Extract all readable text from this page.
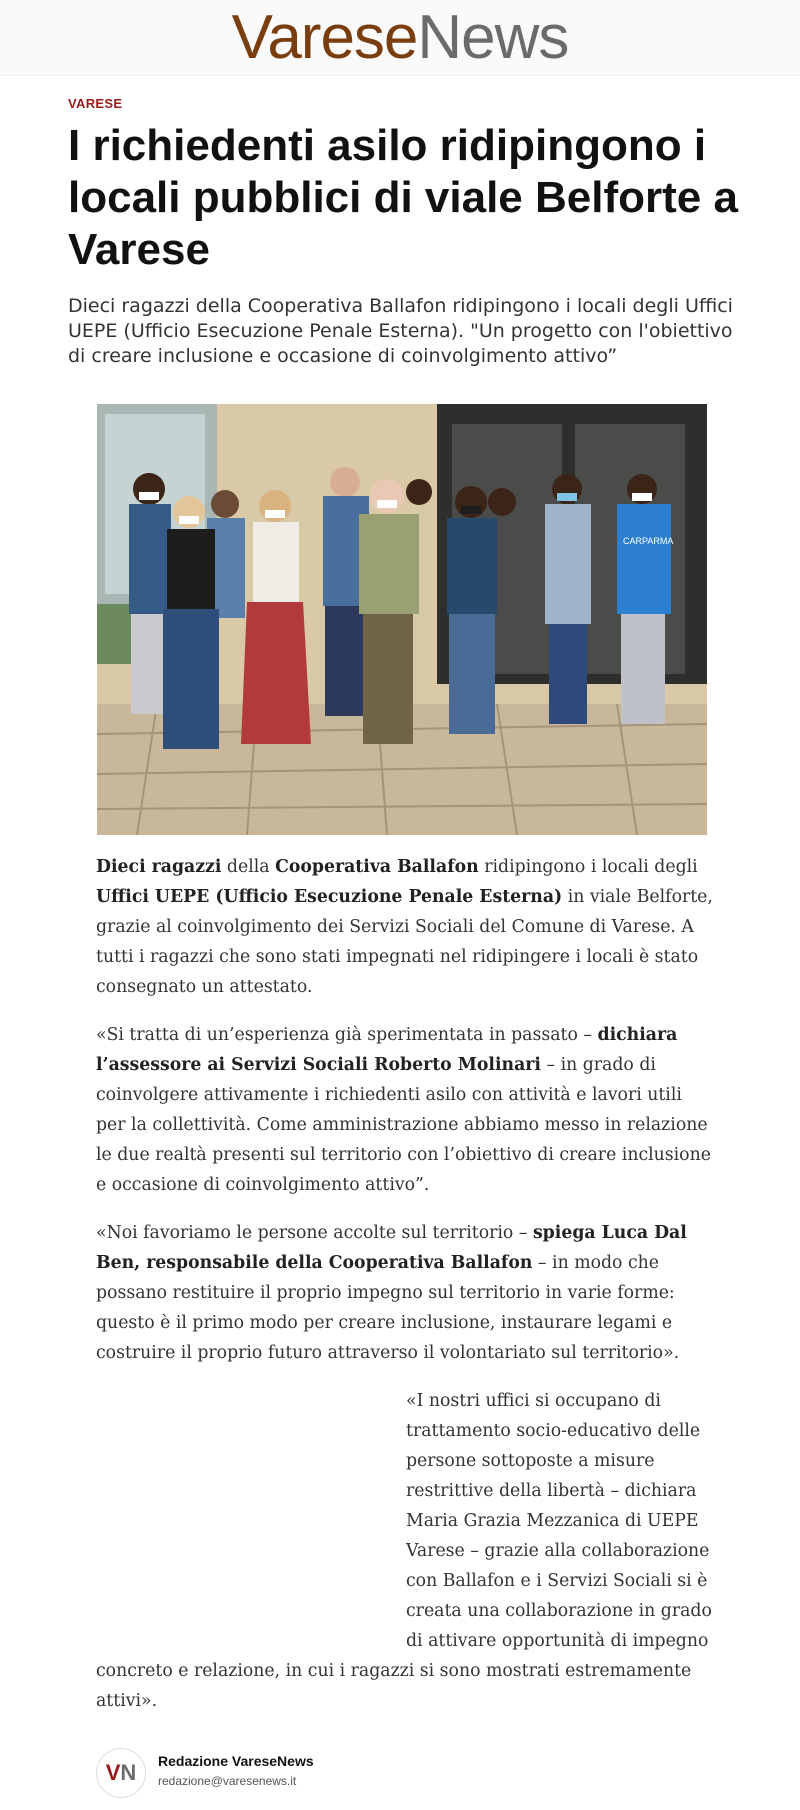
VareseNews
VARESE
I richiedenti asilo ridipingono i locali pubblici di viale Belforte a Varese

Dieci ragazzi della Cooperativa Ballafon ridipingono i locali degli Uffici UEPE (Ufficio Esecuzione Penale Esterna). "Un progetto con l'obiettivo di creare inclusione e occasione di coinvolgimento attivo”

CARPARMA

Dieci ragazzi della Cooperativa Ballafon ridipingono i locali degli Uffici UEPE (Ufficio Esecuzione Penale Esterna) in viale Belforte, grazie al coinvolgimento dei Servizi Sociali del Comune di Varese. A tutti i ragazzi che sono stati impegnati nel ridipingere i locali è stato consegnato un attestato.

«Si tratta di un’esperienza già sperimentata in passato – dichiara l’assessore ai Servizi Sociali Roberto Molinari – in grado di coinvolgere attivamente i richiedenti asilo con attività e lavori utili per la collettività. Come amministrazione abbiamo messo in relazione le due realtà presenti sul territorio con l’obiettivo di creare inclusione e occasione di coinvolgimento attivo”.

«Noi favoriamo le persone accolte sul territorio – spiega Luca Dal Ben, responsabile della Cooperativa Ballafon – in modo che possano restituire il proprio impegno sul territorio in varie forme: questo è il primo modo per creare inclusione, instaurare legami e costruire il proprio futuro attraverso il volontariato sul territorio».

«I nostri uffici si occupano di trattamento socio-educativo delle persone sottoposte a misure restrittive della libertà – dichiara Maria Grazia Mezzanica di UEPE Varese – grazie alla collaborazione con Ballafon e i Servizi Sociali si è creata una collaborazione in grado di attivare opportunità di impegno
concreto e relazione, in cui i ragazzi si sono mostrati estremamente attivi».
VN	Redazione VareseNews
redazione@varesenews.it
